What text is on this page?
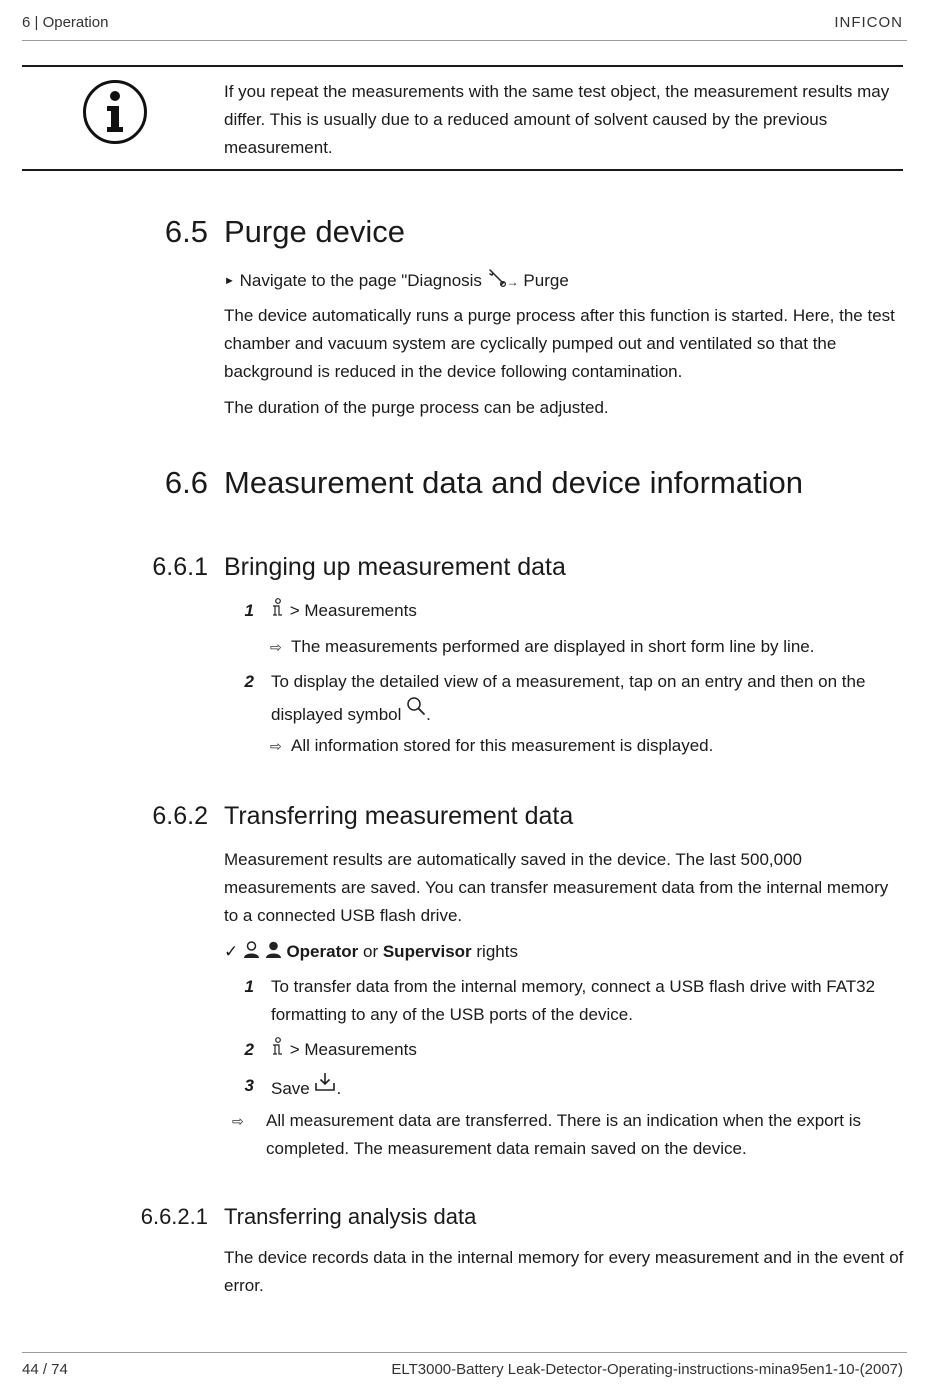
6 | Operation	INFICON
If you repeat the measurements with the same test object, the measurement results may differ. This is usually due to a reduced amount of solvent caused by the previous measurement.
6.5 Purge device
► Navigate to the page "Diagnosis → Purge
The device automatically runs a purge process after this function is started. Here, the test chamber and vacuum system are cyclically pumped out and ventilated so that the background is reduced in the device following contamination.
The duration of the purge process can be adjusted.
6.6 Measurement data and device information
6.6.1 Bringing up measurement data
1	> Measurements
⇨ The measurements performed are displayed in short form line by line.
2 To display the detailed view of a measurement, tap on an entry and then on the displayed symbol .
⇨ All information stored for this measurement is displayed.
6.6.2 Transferring measurement data
Measurement results are automatically saved in the device. The last 500,000 measurements are saved. You can transfer measurement data from the internal memory to a connected USB flash drive.
✓	Operator or Supervisor rights
1 To transfer data from the internal memory, connect a USB flash drive with FAT32 formatting to any of the USB ports of the device.
2	> Measurements
3 Save .
⇨ All measurement data are transferred. There is an indication when the export is completed. The measurement data remain saved on the device.
6.6.2.1 Transferring analysis data
The device records data in the internal memory for every measurement and in the event of error.
44 / 74	ELT3000-Battery Leak-Detector-Operating-instructions-mina95en1-10-(2007)
